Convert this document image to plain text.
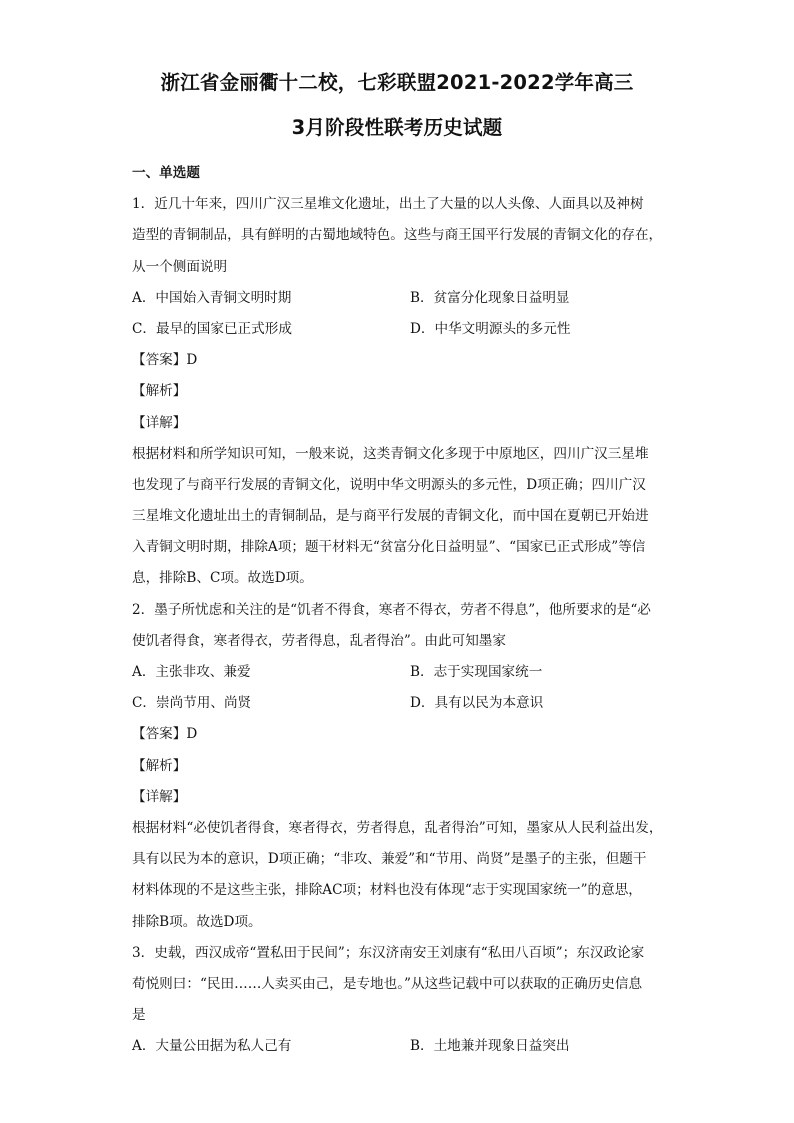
浙江省金丽衢十二校，七彩联盟2021-2022学年高三
3月阶段性联考历史试题
一、单选题
1．近几十年来，四川广汉三星堆文化遗址，出土了大量的以人头像、人面具以及神树
造型的青铜制品，具有鲜明的古蜀地域特色。这些与商王国平行发展的青铜文化的存在，
从一个侧面说明
A．中国始入青铜文明时期	B．贫富分化现象日益明显
C．最早的国家已正式形成	D．中华文明源头的多元性
【答案】D
【解析】
【详解】
根据材料和所学知识可知，一般来说，这类青铜文化多现于中原地区，四川广汉三星堆
也发现了与商平行发展的青铜文化，说明中华文明源头的多元性，D项正确；四川广汉
三星堆文化遗址出土的青铜制品，是与商平行发展的青铜文化，而中国在夏朝已开始进
入青铜文明时期，排除A项；题干材料无“贫富分化日益明显”、“国家已正式形成”等信
息，排除B、C项。故选D项。
2．墨子所忧虑和关注的是“饥者不得食，寒者不得衣，劳者不得息”，他所要求的是“必
使饥者得食，寒者得衣，劳者得息，乱者得治”。由此可知墨家
A．主张非攻、兼爱	B．志于实现国家统一
C．崇尚节用、尚贤	D．具有以民为本意识
【答案】D
【解析】
【详解】
根据材料“必使饥者得食，寒者得衣，劳者得息，乱者得治”可知，墨家从人民利益出发，
具有以民为本的意识，D项正确；“非攻、兼爱”和“节用、尚贤”是墨子的主张，但题干
材料体现的不是这些主张，排除AC项；材料也没有体现“志于实现国家统一”的意思，
排除B项。故选D项。
3．史载，西汉成帝“置私田于民间”；东汉济南安王刘康有“私田八百顷”；东汉政论家
荀悦则曰：“民田……人卖买由己，是专地也。”从这些记载中可以获取的正确历史信息
是
A．大量公田据为私人己有	B．土地兼并现象日益突出
